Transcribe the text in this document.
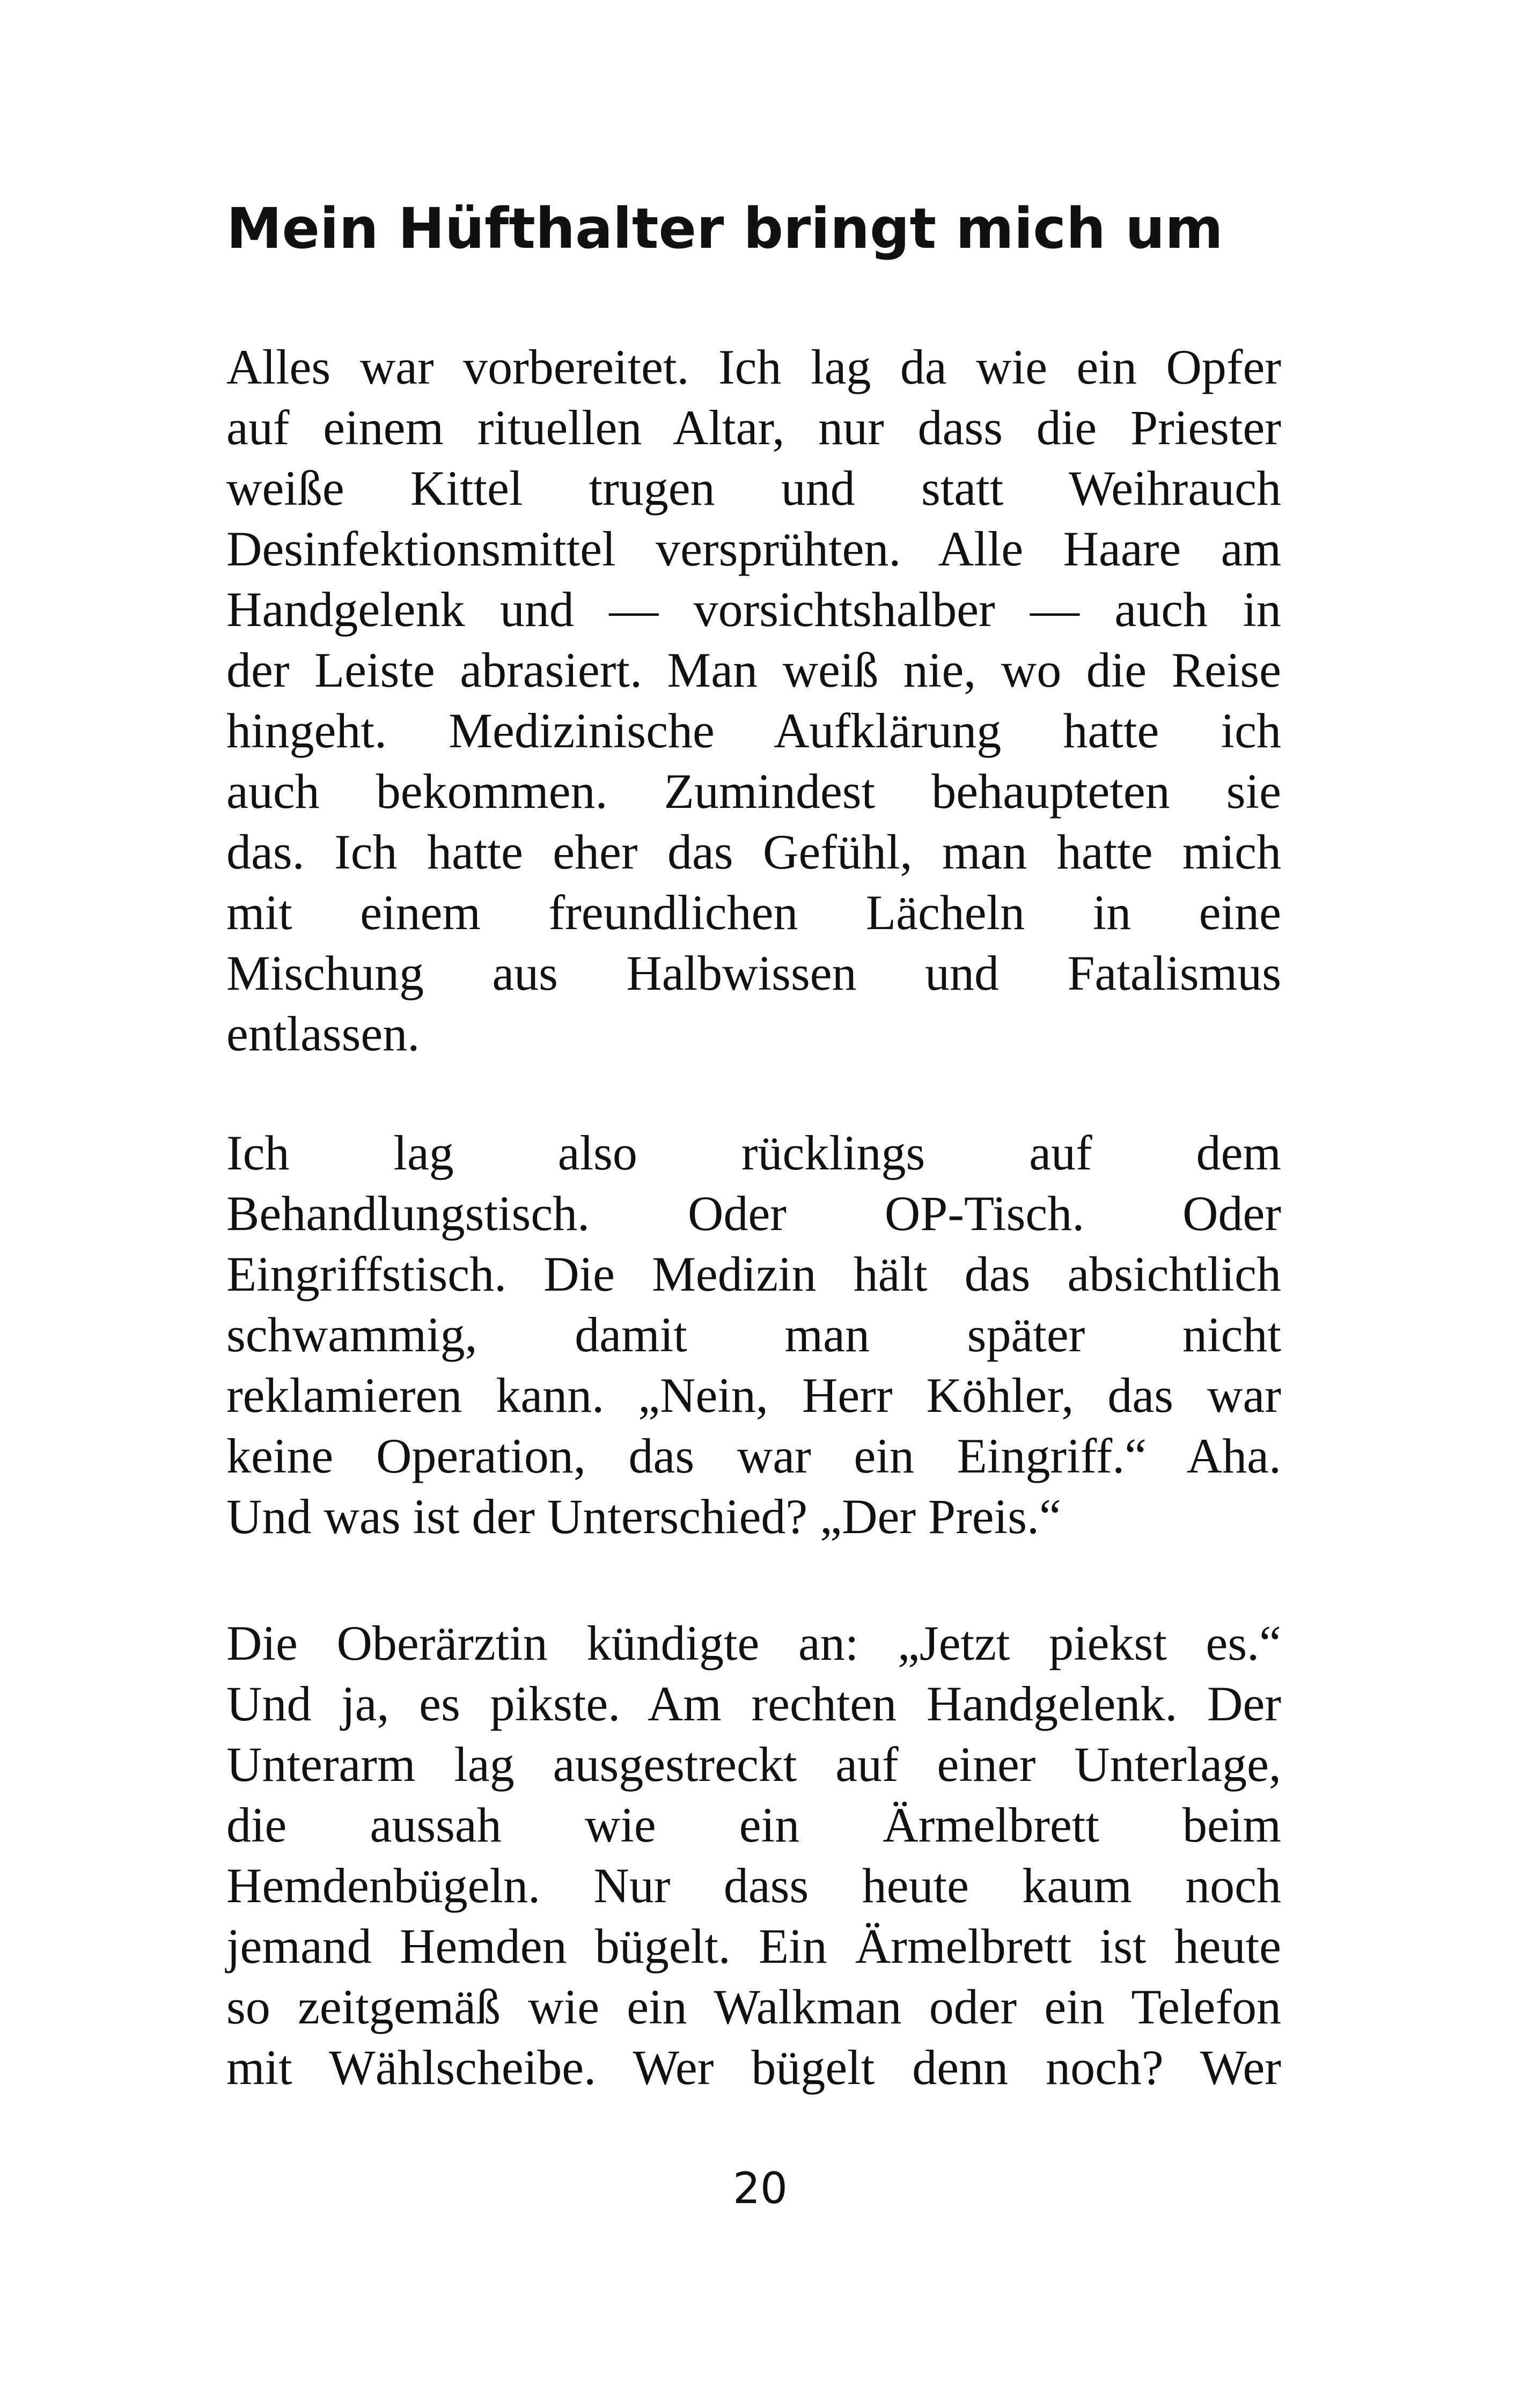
Mein Hüfthalter bringt mich um
Alles war vorbereitet. Ich lag da wie ein Opfer
auf einem rituellen Altar, nur dass die Priester
weiße Kittel trugen und statt Weihrauch
Desinfektionsmittel versprühten. Alle Haare am
Handgelenk und — vorsichtshalber — auch in
der Leiste abrasiert. Man weiß nie, wo die Reise
hingeht. Medizinische Aufklärung hatte ich
auch bekommen. Zumindest behaupteten sie
das. Ich hatte eher das Gefühl, man hatte mich
mit einem freundlichen Lächeln in eine
Mischung aus Halbwissen und Fatalismus
entlassen.
Ich lag also rücklings auf dem
Behandlungstisch. Oder OP-Tisch. Oder
Eingriffstisch. Die Medizin hält das absichtlich
schwammig, damit man später nicht
reklamieren kann. „Nein, Herr Köhler, das war
keine Operation, das war ein Eingriff.“ Aha.
Und was ist der Unterschied? „Der Preis.“
Die Oberärztin kündigte an: „Jetzt piekst es.“
Und ja, es pikste. Am rechten Handgelenk. Der
Unterarm lag ausgestreckt auf einer Unterlage,
die aussah wie ein Ärmelbrett beim
Hemdenbügeln. Nur dass heute kaum noch
jemand Hemden bügelt. Ein Ärmelbrett ist heute
so zeitgemäß wie ein Walkman oder ein Telefon
mit Wählscheibe. Wer bügelt denn noch? Wer
20
